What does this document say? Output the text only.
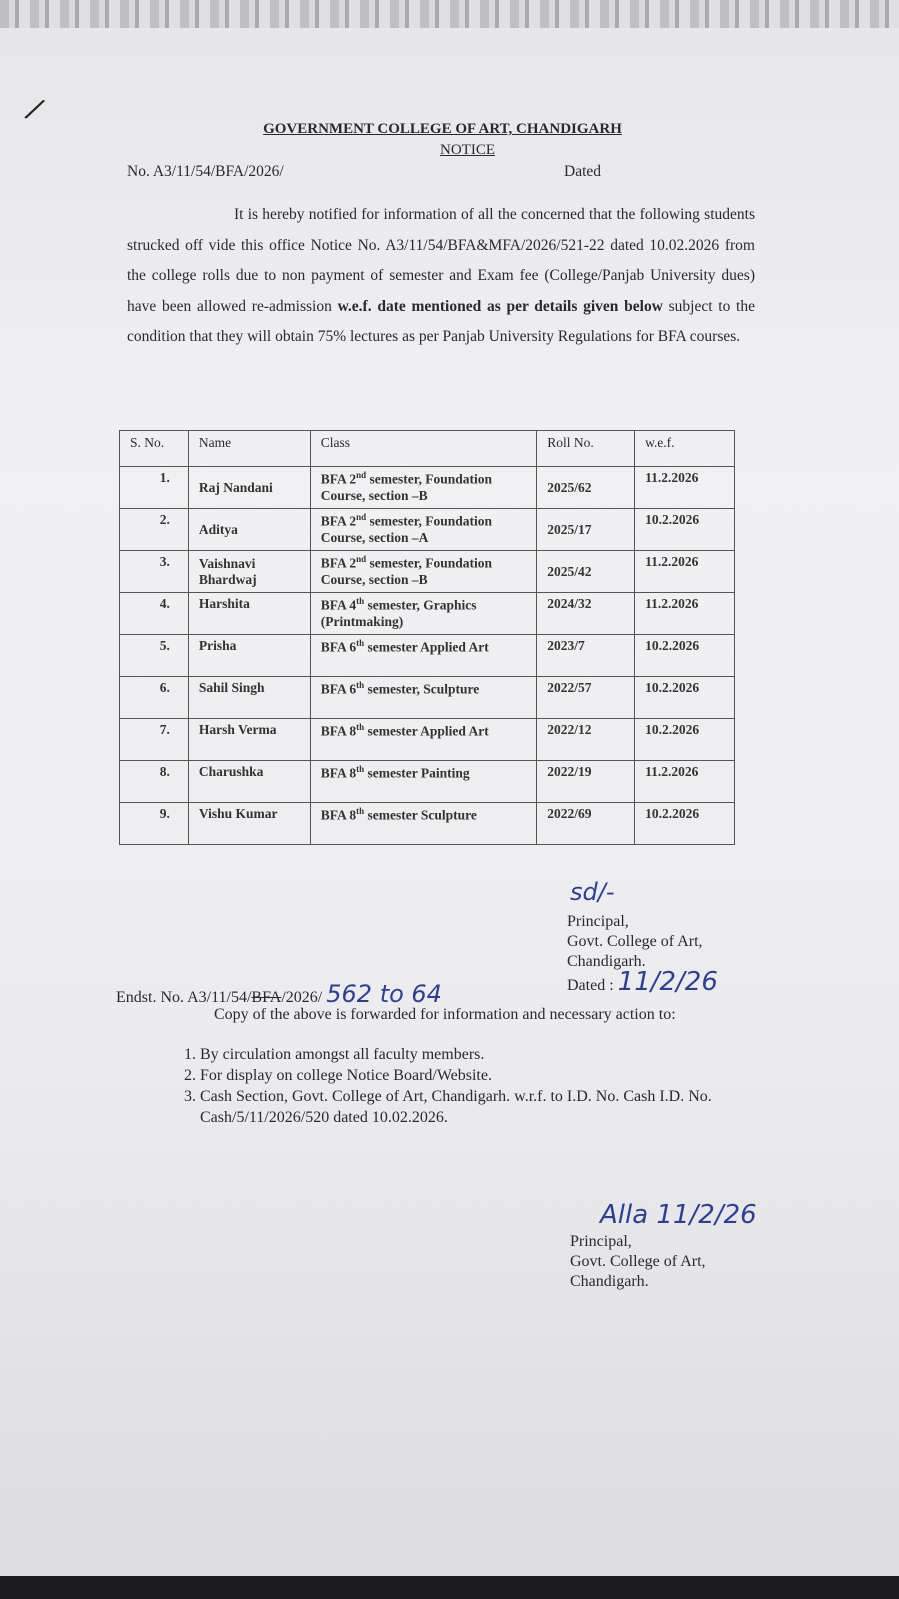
/
GOVERNMENT COLLEGE OF ART, CHANDIGARH
NOTICE
No. A3/11/54/BFA/2026/	Dated
It is hereby notified for information of all the concerned that the following students strucked off vide this office Notice No. A3/11/54/BFA&MFA/2026/521-22 dated 10.02.2026 from the college rolls due to non payment of semester and Exam fee (College/Panjab University dues) have been allowed re-admission w.e.f. date mentioned as per details given below subject to the condition that they will obtain 75% lectures as per Panjab University Regulations for BFA courses.
S. No.	Name	Class	Roll No.	w.e.f.
1.	Raj Nandani	BFA 2nd semester, Foundation Course, section –B	2025/62	11.2.2026
2.	Aditya	BFA 2nd semester, Foundation Course, section –A	2025/17	10.2.2026
3.	Vaishnavi Bhardwaj	BFA 2nd semester, Foundation Course, section –B	2025/42	11.2.2026
4.	Harshita	BFA 4th semester, Graphics (Printmaking)	2024/32	11.2.2026
5.	Prisha	BFA 6th semester Applied Art	2023/7	10.2.2026
6.	Sahil Singh	BFA 6th semester, Sculpture	2022/57	10.2.2026
7.	Harsh Verma	BFA 8th semester Applied Art	2022/12	10.2.2026
8.	Charushka	BFA 8th semester Painting	2022/19	11.2.2026
9.	Vishu Kumar	BFA 8th semester Sculpture	2022/69	10.2.2026
sd/-
Principal,
Govt. College of Art,
Chandigarh.
Dated : 11/2/26
Endst. No. A3/11/54/BFA/2026/ 562 to 64
Copy of the above is forwarded for information and necessary action to:
1. By circulation amongst all faculty members.
2. For display on college Notice Board/Website.
3. Cash Section, Govt. College of Art, Chandigarh. w.r.f. to I.D. No. Cash I.D. No. Cash/5/11/2026/520 dated 10.02.2026.
Alla 11/2/26
Principal,
Govt. College of Art,
Chandigarh.
